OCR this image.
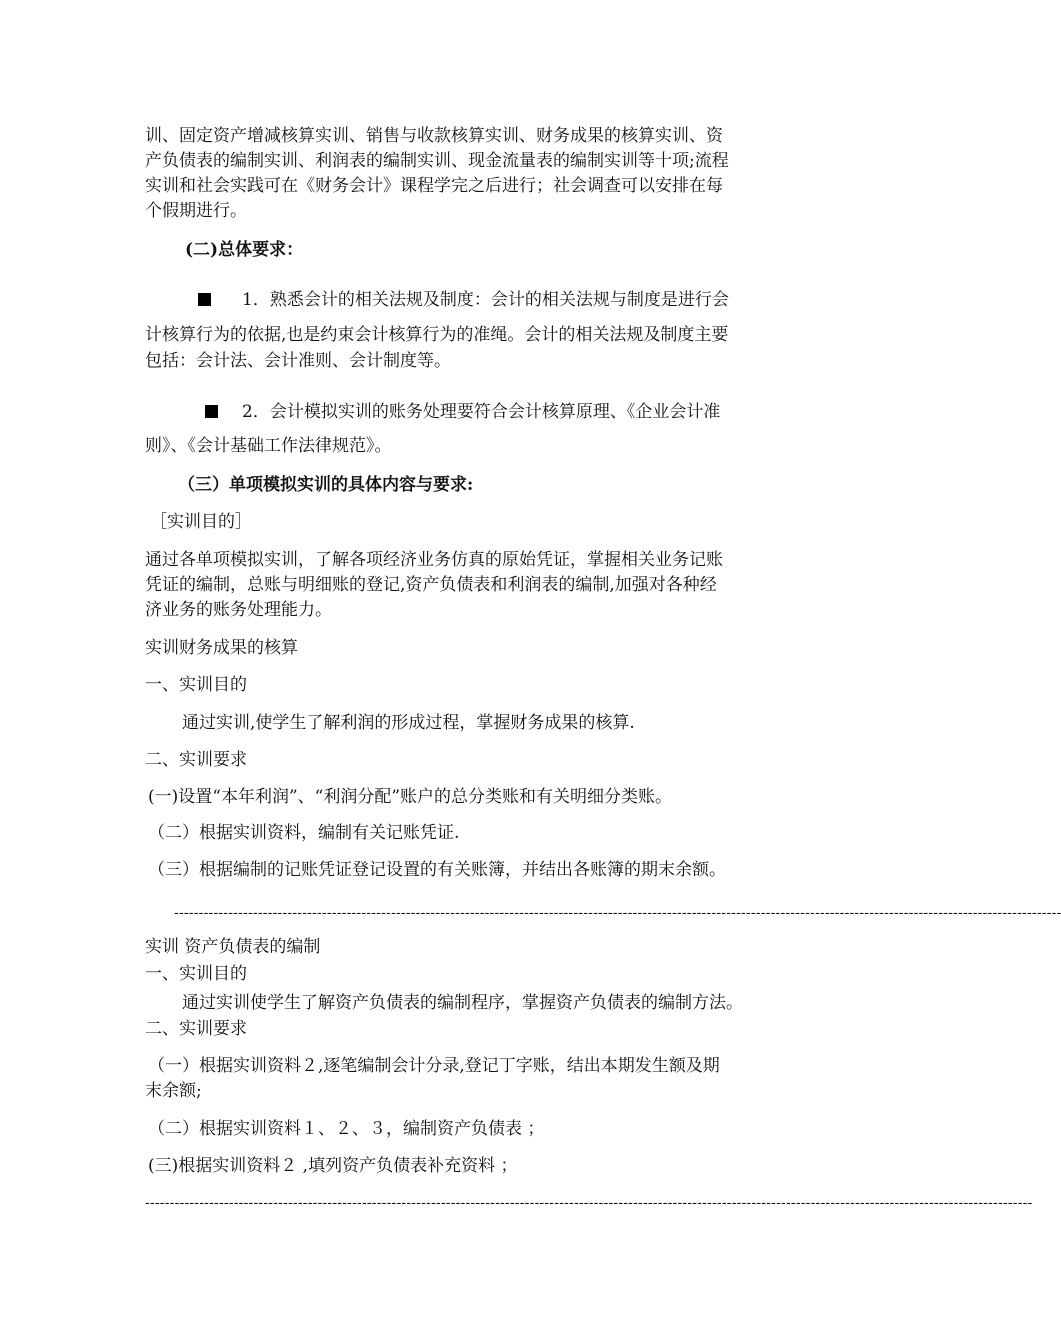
训、固定资产增减核算实训、销售与收款核算实训、财务成果的核算实训、资
产负债表的编制实训、利润表的编制实训、现金流量表的编制实训等十项;流程
实训和社会实践可在《财务会计》课程学完之后进行；社会调查可以安排在每
个假期进行。
(二)总体要求：
1．熟悉会计的相关法规及制度：会计的相关法规与制度是进行会
计核算行为的依据,也是约束会计核算行为的准绳。会计的相关法规及制度主要
包括：会计法、会计准则、会计制度等。
2．会计模拟实训的账务处理要符合会计核算原理、《企业会计准
则》、《会计基础工作法律规范》。
（三）单项模拟实训的具体内容与要求:
［实训目的］
通过各单项模拟实训，了解各项经济业务仿真的原始凭证，掌握相关业务记账
凭证的编制，总账与明细账的登记,资产负债表和利润表的编制,加强对各种经
济业务的账务处理能力。
实训财务成果的核算
一、实训目的
通过实训,使学生了解利润的形成过程，掌握财务成果的核算.
二、实训要求
(一)设置“本年利润”、“利润分配”账户的总分类账和有关明细分类账。
（二）根据实训资料，编制有关记账凭证.
（三）根据编制的记账凭证登记设置的有关账簿，并结出各账簿的期末余额。
------------------------------------------------------------------------------------------------------------------------------------------------------------------------------------
实训 资产负债表的编制
一、实训目的
通过实训使学生了解资产负债表的编制程序，掌握资产负债表的编制方法。
二、实训要求
（一）根据实训资料２,逐笔编制会计分录,登记丁字账，结出本期发生额及期
末余额;
（二）根据实训资料１、２、３，编制资产负债表 ；
(三)根据实训资料２ ,填列资产负债表补充资料 ；
------------------------------------------------------------------------------------------------------------------------------------------------------------------------------------
